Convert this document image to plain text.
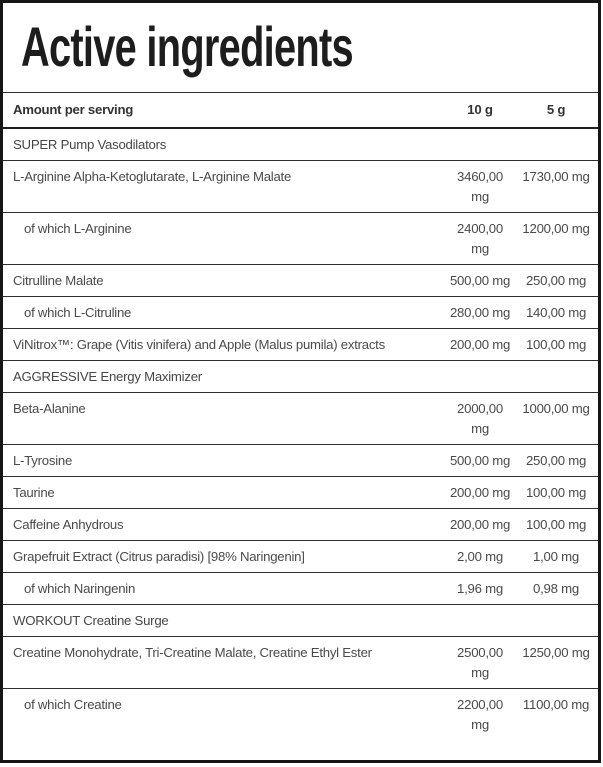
Active ingredients
Amount per serving	10 g	5 g
SUPER Pump Vasodilators		
L-Arginine Alpha-Ketoglutarate, L-Arginine Malate	3460,00 mg	1730,00 mg
of which L-Arginine	2400,00 mg	1200,00 mg
Citrulline Malate	500,00 mg	250,00 mg
of which L-Citruline	280,00 mg	140,00 mg
ViNitrox™: Grape (Vitis vinifera) and Apple (Malus pumila) extracts	200,00 mg	100,00 mg
AGGRESSIVE Energy Maximizer		
Beta-Alanine	2000,00 mg	1000,00 mg
L-Tyrosine	500,00 mg	250,00 mg
Taurine	200,00 mg	100,00 mg
Caffeine Anhydrous	200,00 mg	100,00 mg
Grapefruit Extract (Citrus paradisi) [98% Naringenin]	2,00 mg	1,00 mg
of which Naringenin	1,96 mg	0,98 mg
WORKOUT Creatine Surge		
Creatine Monohydrate, Tri-Creatine Malate, Creatine Ethyl Ester	2500,00 mg	1250,00 mg
of which Creatine	2200,00 mg	1100,00 mg
